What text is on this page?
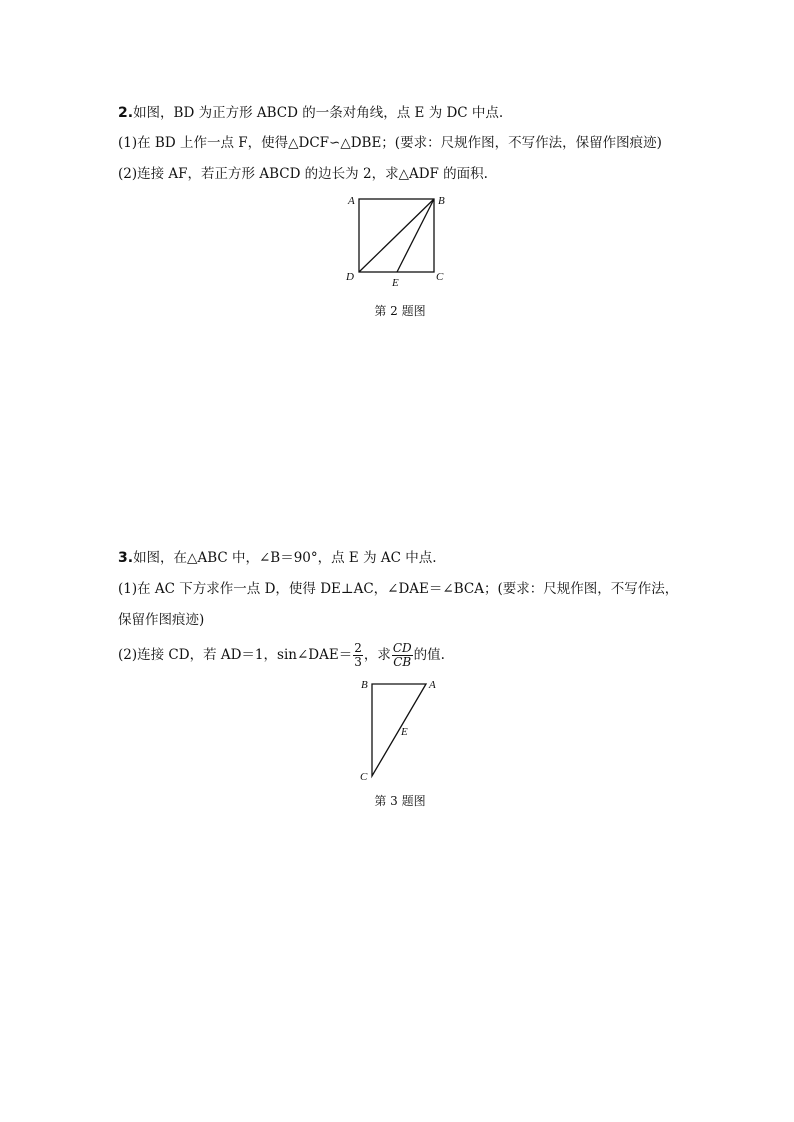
2.如图，BD 为正方形 ABCD 的一条对角线，点 E 为 DC 中点.
(1)在 BD 上作一点 F，使得△DCF∽△DBE；(要求：尺规作图，不写作法，保留作图痕迹)
(2)连接 AF，若正方形 ABCD 的边长为 2，求△ADF 的面积.
A	B
C
D	E
第 2 题图
3.如图，在△ABC 中，∠B＝90°，点 E 为 AC 中点.
(1)在 AC 下方求作一点 D，使得 DE⊥AC，∠DAE＝∠BCA；(要求：尺规作图，不写作法，
保留作图痕迹)
(2)连接 CD，若 AD＝1，sin∠DAE＝ $\frac{2}{3}$ ，求 $\frac{CD}{CB}$ 的值.
B	A
E
C
第 3 题图
